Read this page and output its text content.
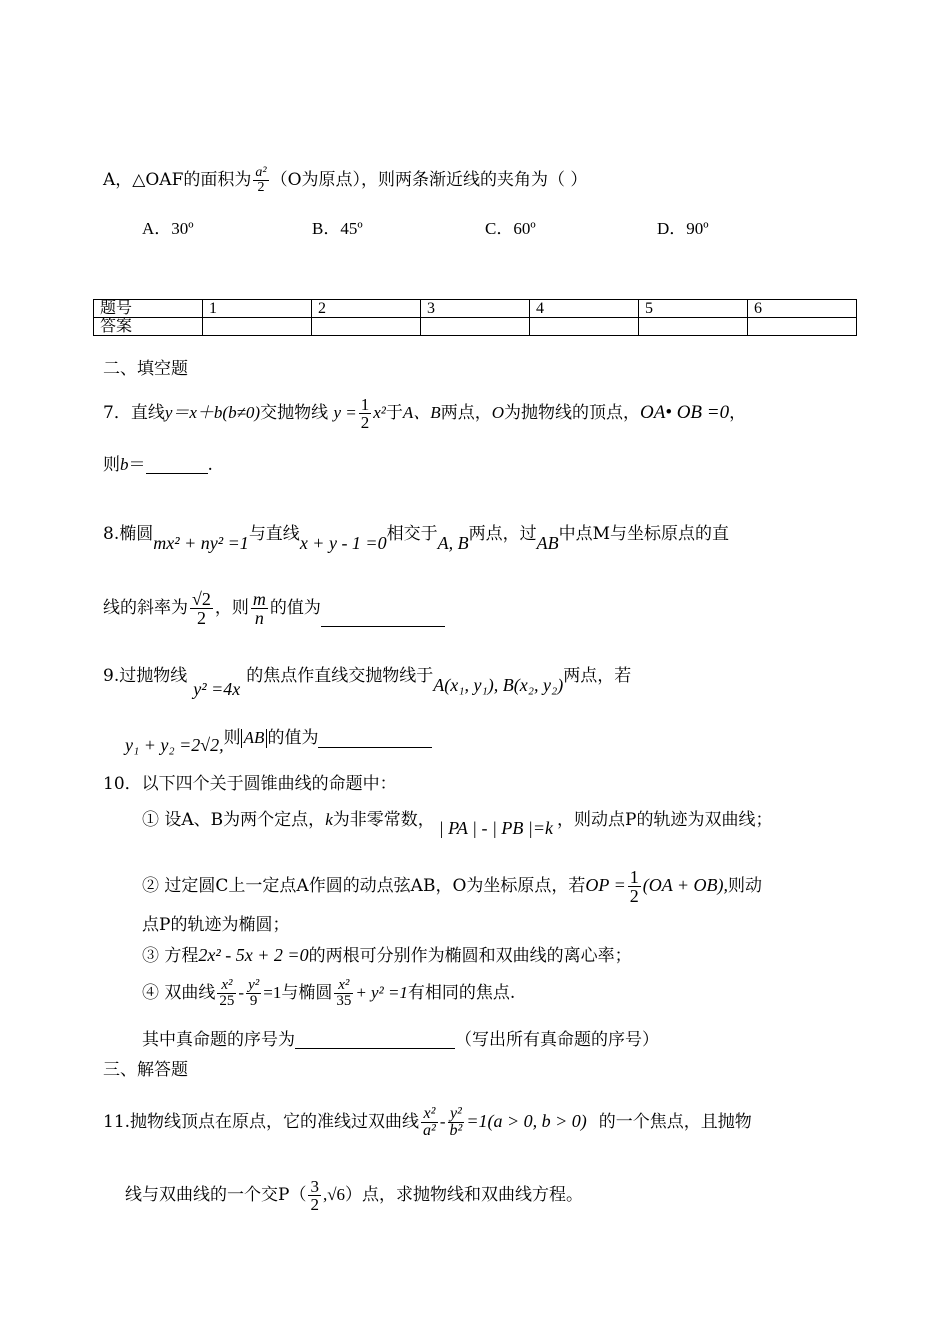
A，△OAF的面积为 $\frac{\text{a²}}{2} (O$为原点），则两条渐近线的夹角为（ ）
A．30º	B．45º	C．60º	D．90º
题号	1	2	3	4	5	6
答案						
二、填空题
7．直线y＝x＋b(b≠0)交抛物线 $y = \frac{1}{2} x^2$于A、B两点，O为抛物线的顶点，OA• OB =0，
则b＝	.
8.椭圆mx² + ny² =1与直线x + y - 1 =0相交于A, B两点，过AB中点M与坐标原点的直
线的斜率为 $\frac{√2}{2}$ ，则 $\frac{m}{n}$ 的值为
9.过抛物线y² =4x的焦点作直线交抛物线于A(x₁, y₁), B(x₂, y₂)两点，若
y₁ + y₂ =2√2,则 AB 的值为
10．以下四个关于圆锥曲线的命题中：
① 设A、B为两个定点，k为非零常数， | PA | - | PB |=k ，则动点P的轨迹为双曲线；
② 过定圆C上一定点A作圆的动点弦AB，O为坐标原点，若OP = $\frac{1}{2} (OA + OB)$,则动
点P的轨迹为椭圆；
③ 方程2x² - 5x + 2 =0的两根可分别作为椭圆和双曲线的离心率；
④ 双曲线 $\frac{\text{x²}}{25} - \frac{\text{y²}}{9} =1$与椭圆 $\frac{\text{x²}}{35} + y^2 =1$有相同的焦点.
其中真命题的序号为	（写出所有真命题的序号）
三、解答题
11.抛物线顶点在原点，它的准线过双曲线 $\frac{\text{x²}}{\text{a²}} - \frac{\text{y²}}{\text{b²}} =1(a > 0$, b > 0) 的一个焦点，且抛物
线与双曲线的一个交$P( \frac{3}{2} ,√6)$点，求抛物线和双曲线方程。
